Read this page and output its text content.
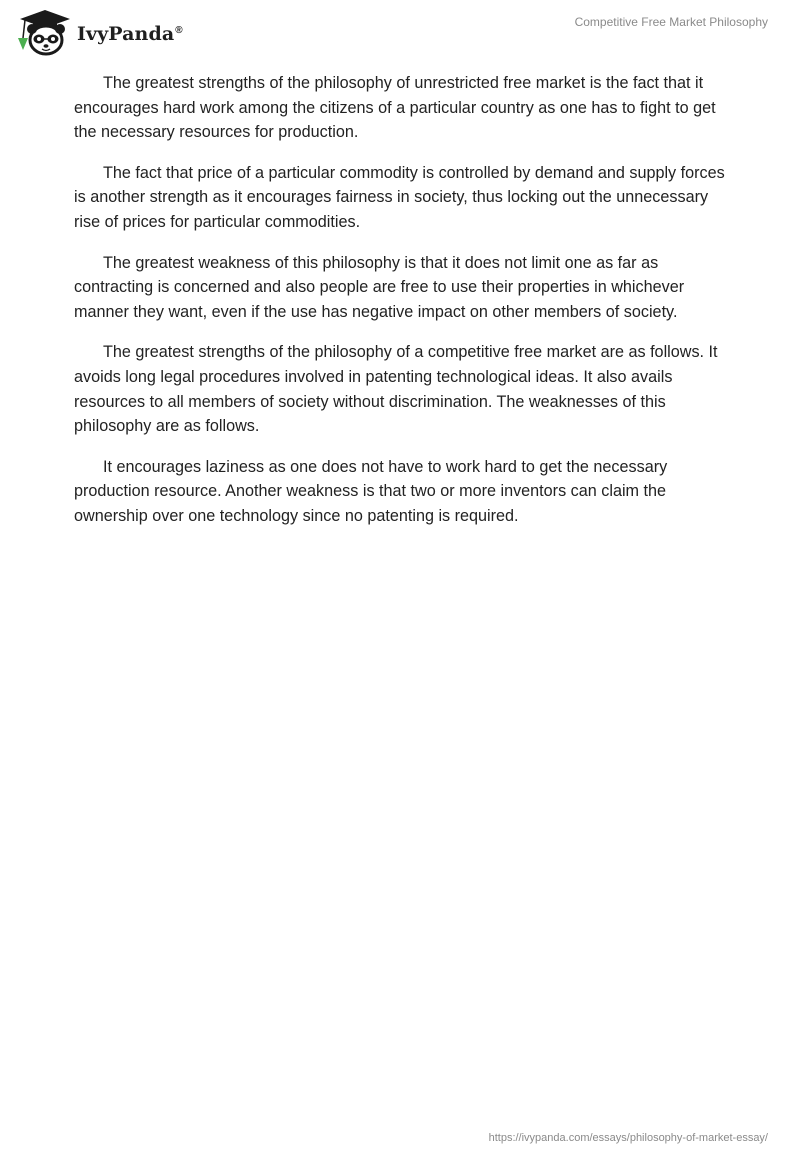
IvyPanda®
Competitive Free Market Philosophy

The greatest strengths of the philosophy of unrestricted free market is the fact that it encourages hard work among the citizens of a particular country as one has to fight to get the necessary resources for production.

The fact that price of a particular commodity is controlled by demand and supply forces is another strength as it encourages fairness in society, thus locking out the unnecessary rise of prices for particular commodities.

The greatest weakness of this philosophy is that it does not limit one as far as contracting is concerned and also people are free to use their properties in whichever manner they want, even if the use has negative impact on other members of society.

The greatest strengths of the philosophy of a competitive free market are as follows. It avoids long legal procedures involved in patenting technological ideas. It also avails resources to all members of society without discrimination. The weaknesses of this philosophy are as follows.

It encourages laziness as one does not have to work hard to get the necessary production resource. Another weakness is that two or more inventors can claim the ownership over one technology since no patenting is required.

https://ivypanda.com/essays/philosophy-of-market-essay/
